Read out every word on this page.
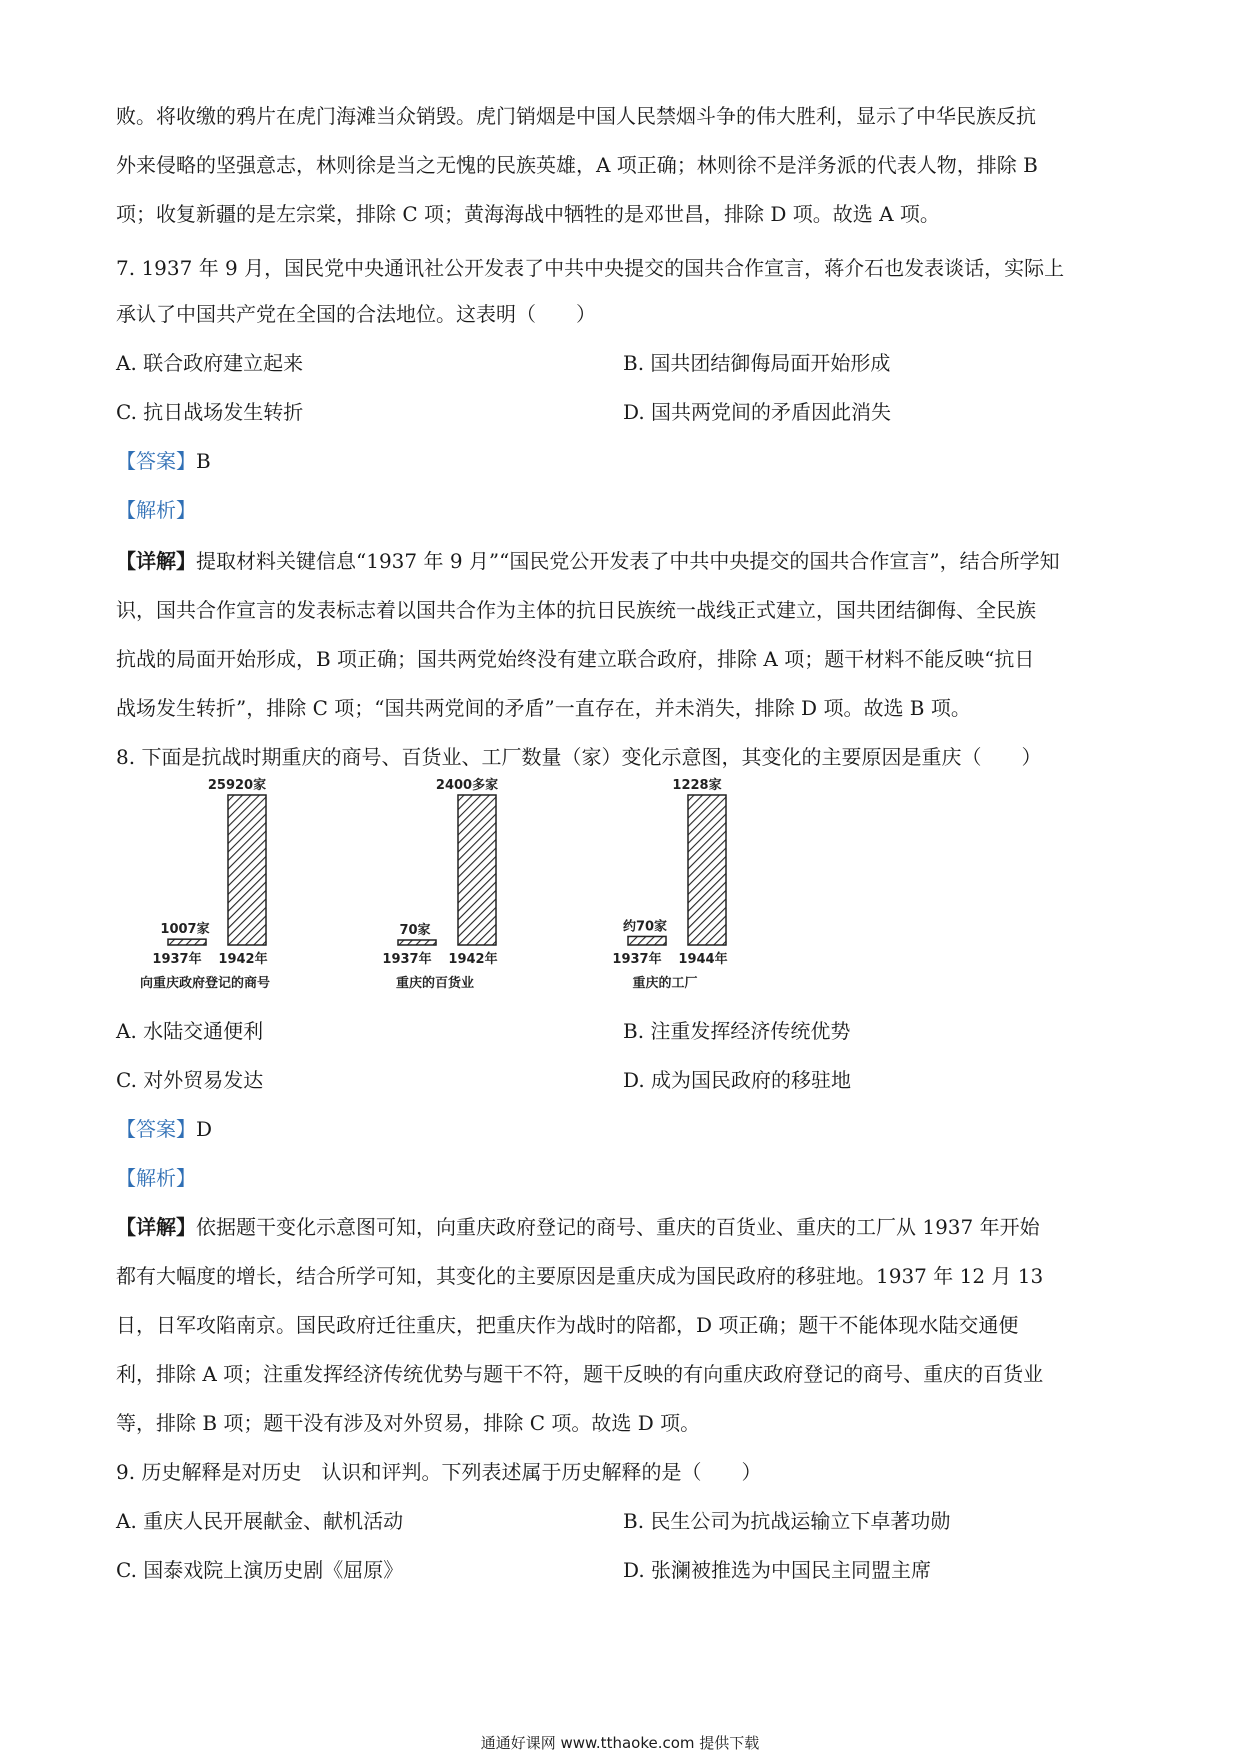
败。将收缴的鸦片在虎门海滩当众销毁。虎门销烟是中国人民禁烟斗争的伟大胜利，显示了中华民族反抗
外来侵略的坚强意志，林则徐是当之无愧的民族英雄，A 项正确；林则徐不是洋务派的代表人物，排除 B
项；收复新疆的是左宗棠，排除 C 项；黄海海战中牺牲的是邓世昌，排除 D 项。故选 A 项。
7. 1937 年 9 月，国民党中央通讯社公开发表了中共中央提交的国共合作宣言，蒋介石也发表谈话，实际上
承认了中国共产党在全国的合法地位。这表明（　　）
A. 联合政府建立起来	B. 国共团结御侮局面开始形成
C. 抗日战场发生转折	D. 国共两党间的矛盾因此消失
【答案】B
【解析】
【详解】提取材料关键信息“1937 年 9 月”“国民党公开发表了中共中央提交的国共合作宣言”，结合所学知
识，国共合作宣言的发表标志着以国共合作为主体的抗日民族统一战线正式建立，国共团结御侮、全民族
抗战的局面开始形成，B 项正确；国共两党始终没有建立联合政府，排除 A 项；题干材料不能反映“抗日
战场发生转折”，排除 C 项；“国共两党间的矛盾”一直存在，并未消失，排除 D 项。故选 B 项。
8. 下面是抗战时期重庆的商号、百货业、工厂数量（家）变化示意图，其变化的主要原因是重庆（　　）
1007家
1937年
25920家
1942年
向重庆政府登记的商号
70家
1937年
2400多家
1942年
重庆的百货业
约70家
1937年
1228家
1944年
重庆的工厂
A. 水陆交通便利	B. 注重发挥经济传统优势
C. 对外贸易发达	D. 成为国民政府的移驻地
【答案】D
【解析】
【详解】依据题干变化示意图可知，向重庆政府登记的商号、重庆的百货业、重庆的工厂从 1937 年开始
都有大幅度的增长，结合所学可知，其变化的主要原因是重庆成为国民政府的移驻地。1937 年 12 月 13
日，日军攻陷南京。国民政府迁往重庆，把重庆作为战时的陪都，D 项正确；题干不能体现水陆交通便
利，排除 A 项；注重发挥经济传统优势与题干不符，题干反映的有向重庆政府登记的商号、重庆的百货业
等，排除 B 项；题干没有涉及对外贸易，排除 C 项。故选 D 项。
9. 历史解释是对历史　认识和评判。下列表述属于历史解释的是（　　）
A. 重庆人民开展献金、献机活动	B. 民生公司为抗战运输立下卓著功勋
C. 国泰戏院上演历史剧《屈原》	D. 张澜被推选为中国民主同盟主席
通通好课网 www.tthaoke.com 提供下载
